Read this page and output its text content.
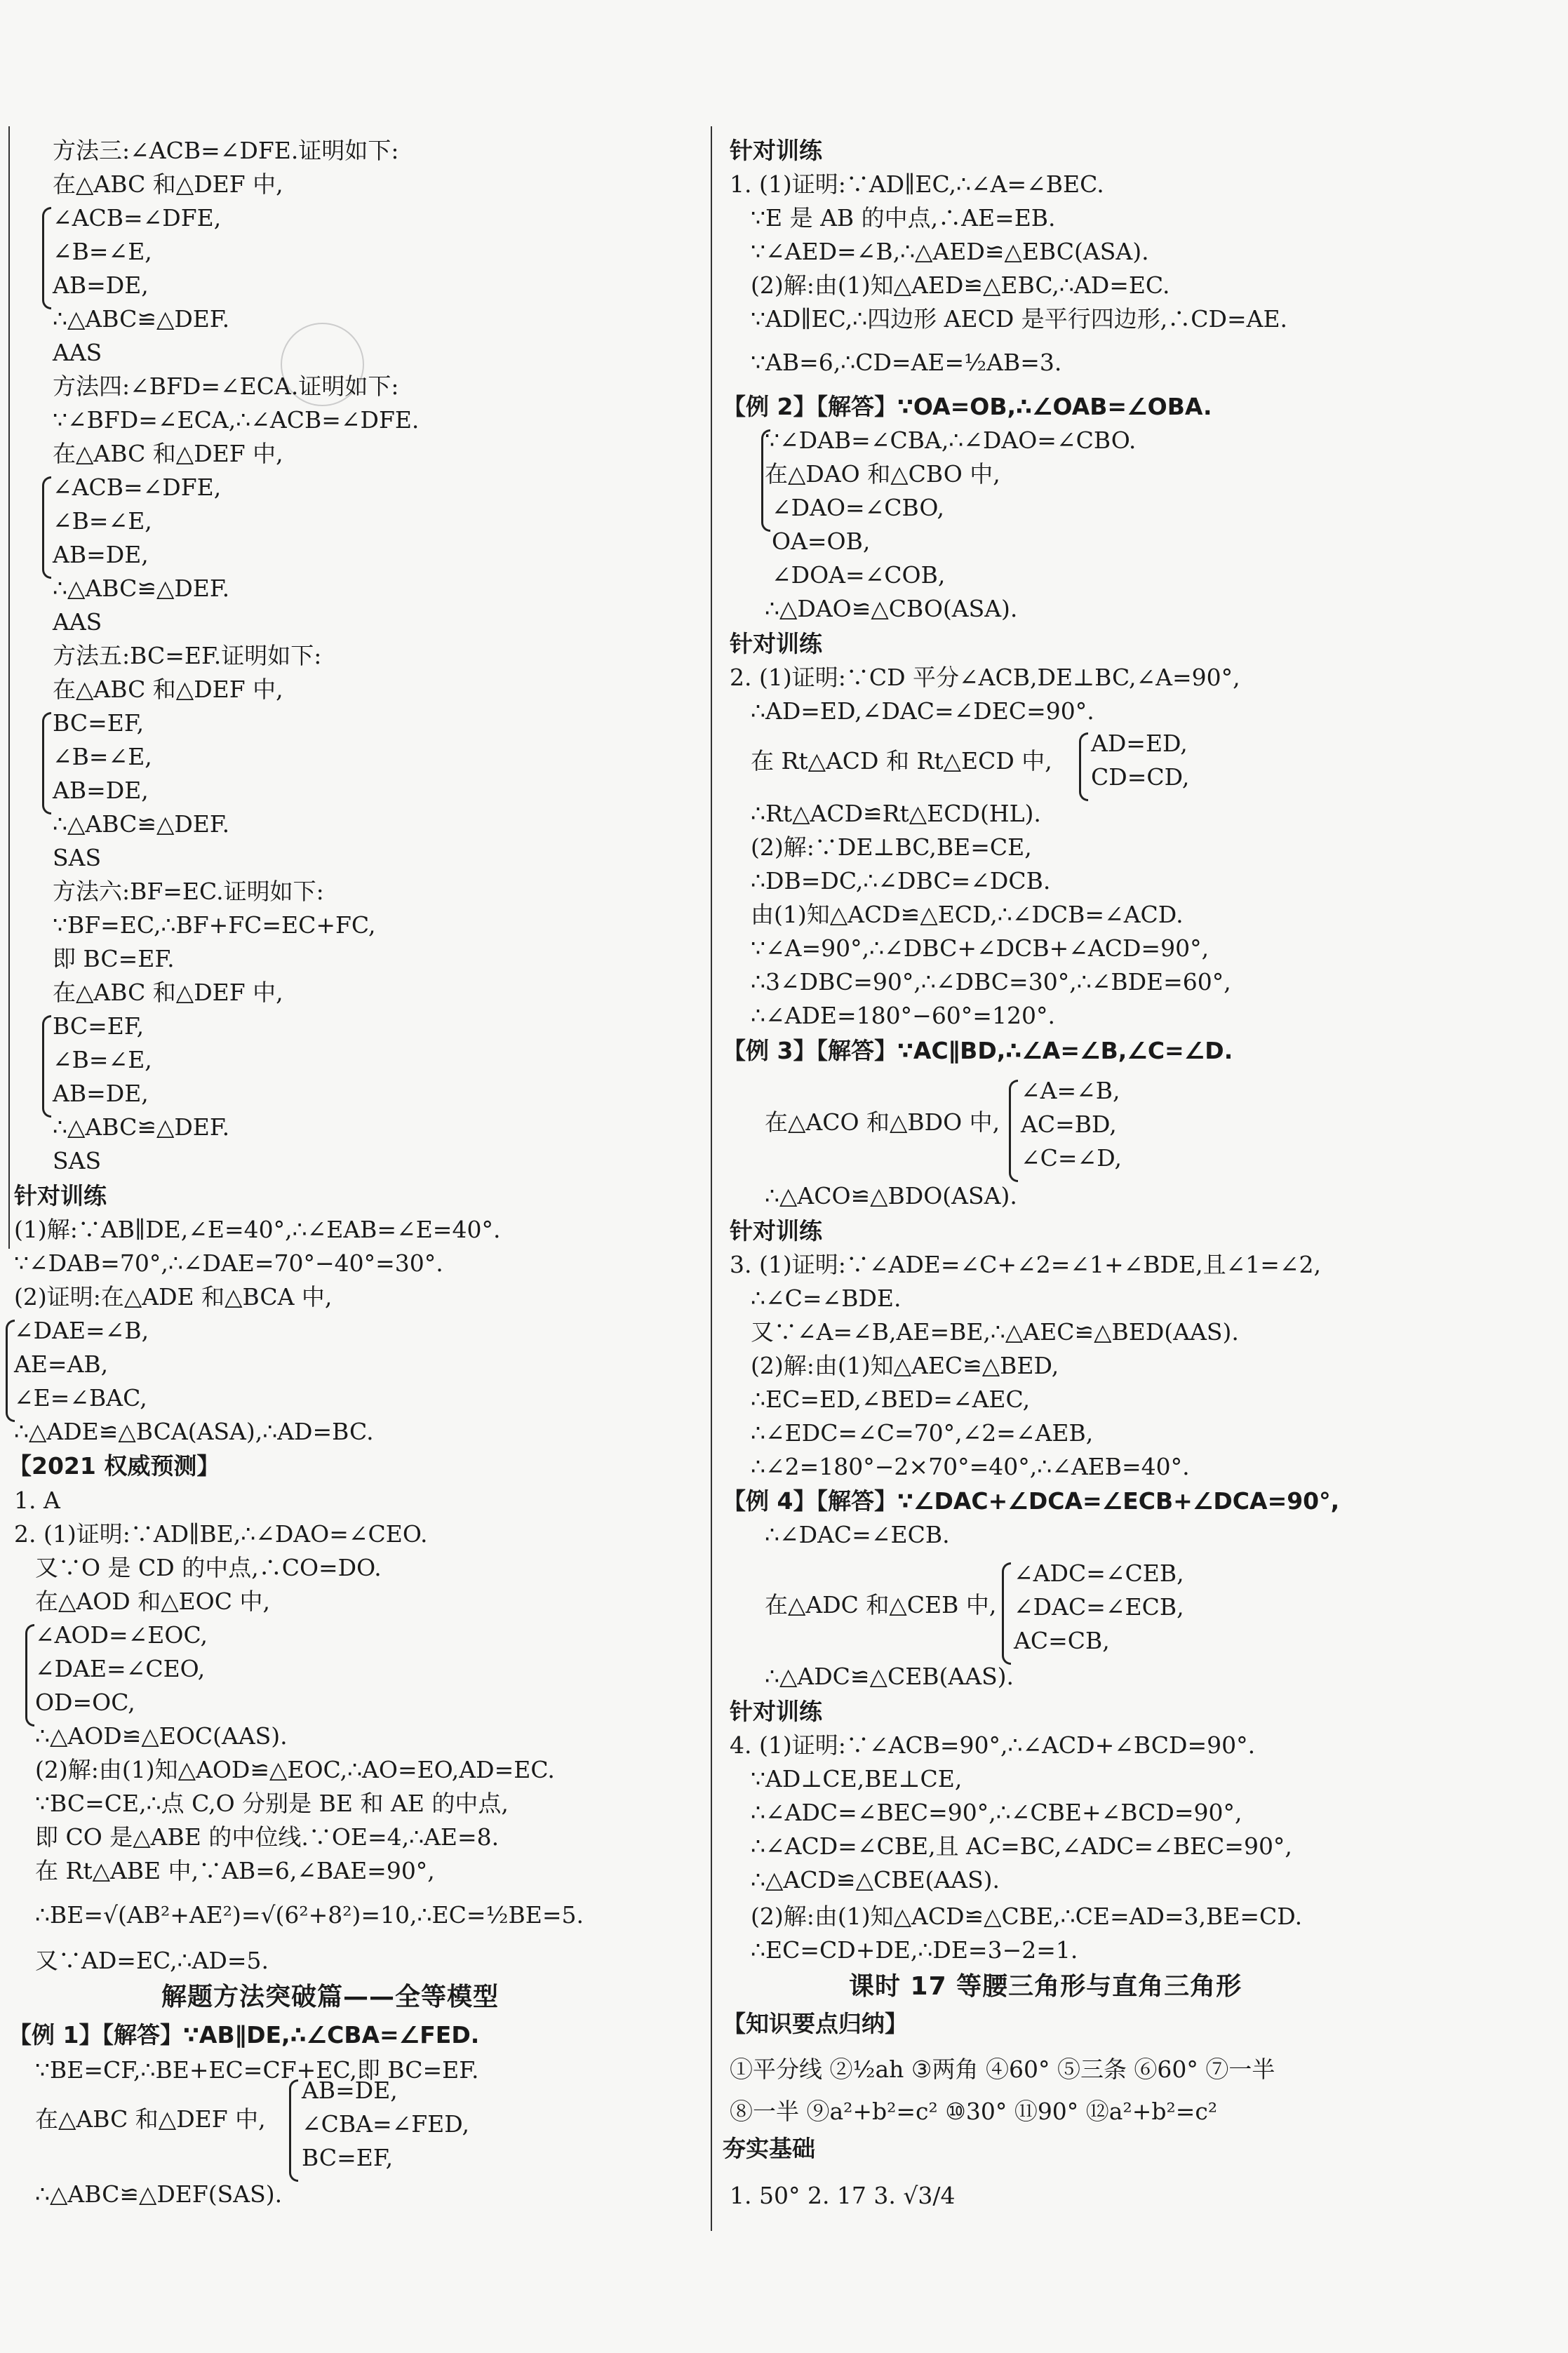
方法三:∠ACB=∠DFE.证明如下:
在△ABC 和△DEF 中,
∠ACB=∠DFE,
∠B=∠E,
AB=DE,
∴△ABC≌△DEF.
AAS
方法四:∠BFD=∠ECA.证明如下:
∵∠BFD=∠ECA,∴∠ACB=∠DFE.
在△ABC 和△DEF 中,
∠ACB=∠DFE,
∠B=∠E,
AB=DE,
∴△ABC≌△DEF.
AAS
方法五:BC=EF.证明如下:
在△ABC 和△DEF 中,
BC=EF,
∠B=∠E,
AB=DE,
∴△ABC≌△DEF.
SAS
方法六:BF=EC.证明如下:
∵BF=EC,∴BF+FC=EC+FC,
即 BC=EF.
在△ABC 和△DEF 中,
BC=EF,
∠B=∠E,
AB=DE,
∴△ABC≌△DEF.
SAS
针对训练
(1)解:∵AB∥DE,∠E=40°,∴∠EAB=∠E=40°.
∵∠DAB=70°,∴∠DAE=70°−40°=30°.
(2)证明:在△ADE 和△BCA 中,
∠DAE=∠B,
AE=AB,
∠E=∠BAC,
∴△ADE≌△BCA(ASA),∴AD=BC.
【2021 权威预测】
1. A
2. (1)证明:∵AD∥BE,∴∠DAO=∠CEO.
又∵O 是 CD 的中点,∴CO=DO.
在△AOD 和△EOC 中,
∠AOD=∠EOC,
∠DAE=∠CEO,
OD=OC,
∴△AOD≌△EOC(AAS).
(2)解:由(1)知△AOD≌△EOC,∴AO=EO,AD=EC.
∵BC=CE,∴点 C,O 分别是 BE 和 AE 的中点,
即 CO 是△ABE 的中位线.∵OE=4,∴AE=8.
在 Rt△ABE 中,∵AB=6,∠BAE=90°,
∴BE=√(AB²+AE²)=√(6²+8²)=10,∴EC=½BE=5.
又∵AD=EC,∴AD=5.
解题方法突破篇——全等模型
【例 1】【解答】∵AB∥DE,∴∠CBA=∠FED.
∵BE=CF,∴BE+EC=CF+EC,即 BC=EF.
在△ABC 和△DEF 中,
AB=DE,
∠CBA=∠FED,
BC=EF,
∴△ABC≌△DEF(SAS).
针对训练
1. (1)证明:∵AD∥EC,∴∠A=∠BEC.
∵E 是 AB 的中点,∴AE=EB.
∵∠AED=∠B,∴△AED≌△EBC(ASA).
(2)解:由(1)知△AED≌△EBC,∴AD=EC.
∵AD∥EC,∴四边形 AECD 是平行四边形,∴CD=AE.
∵AB=6,∴CD=AE=½AB=3.
【例 2】【解答】∵OA=OB,∴∠OAB=∠OBA.
∵∠DAB=∠CBA,∴∠DAO=∠CBO.
在△DAO 和△CBO 中,
∠DAO=∠CBO,
OA=OB,
∠DOA=∠COB,
∴△DAO≌△CBO(ASA).
针对训练
2. (1)证明:∵CD 平分∠ACB,DE⊥BC,∠A=90°,
∴AD=ED,∠DAC=∠DEC=90°.
在 Rt△ACD 和 Rt△ECD 中,
AD=ED,
CD=CD,
∴Rt△ACD≌Rt△ECD(HL).
(2)解:∵DE⊥BC,BE=CE,
∴DB=DC,∴∠DBC=∠DCB.
由(1)知△ACD≌△ECD,∴∠DCB=∠ACD.
∵∠A=90°,∴∠DBC+∠DCB+∠ACD=90°,
∴3∠DBC=90°,∴∠DBC=30°,∴∠BDE=60°,
∴∠ADE=180°−60°=120°.
【例 3】【解答】∵AC∥BD,∴∠A=∠B,∠C=∠D.
在△ACO 和△BDO 中,
∠A=∠B,
AC=BD,
∠C=∠D,
∴△ACO≌△BDO(ASA).
针对训练
3. (1)证明:∵∠ADE=∠C+∠2=∠1+∠BDE,且∠1=∠2,
∴∠C=∠BDE.
又∵∠A=∠B,AE=BE,∴△AEC≌△BED(AAS).
(2)解:由(1)知△AEC≌△BED,
∴EC=ED,∠BED=∠AEC,
∴∠EDC=∠C=70°,∠2=∠AEB,
∴∠2=180°−2×70°=40°,∴∠AEB=40°.
【例 4】【解答】∵∠DAC+∠DCA=∠ECB+∠DCA=90°,
∴∠DAC=∠ECB.
在△ADC 和△CEB 中,
∠ADC=∠CEB,
∠DAC=∠ECB,
AC=CB,
∴△ADC≌△CEB(AAS).
针对训练
4. (1)证明:∵∠ACB=90°,∴∠ACD+∠BCD=90°.
∵AD⊥CE,BE⊥CE,
∴∠ADC=∠BEC=90°,∴∠CBE+∠BCD=90°,
∴∠ACD=∠CBE,且 AC=BC,∠ADC=∠BEC=90°,
∴△ACD≌△CBE(AAS).
(2)解:由(1)知△ACD≌△CBE,∴CE=AD=3,BE=CD.
∴EC=CD+DE,∴DE=3−2=1.
课时 17 等腰三角形与直角三角形
【知识要点归纳】
①平分线 ②½ah ③两角 ④60° ⑤三条 ⑥60° ⑦一半
⑧一半 ⑨a²+b²=c² ⑩30° ⑪90° ⑫a²+b²=c²
夯实基础
1. 50° 2. 17 3. √3/4
